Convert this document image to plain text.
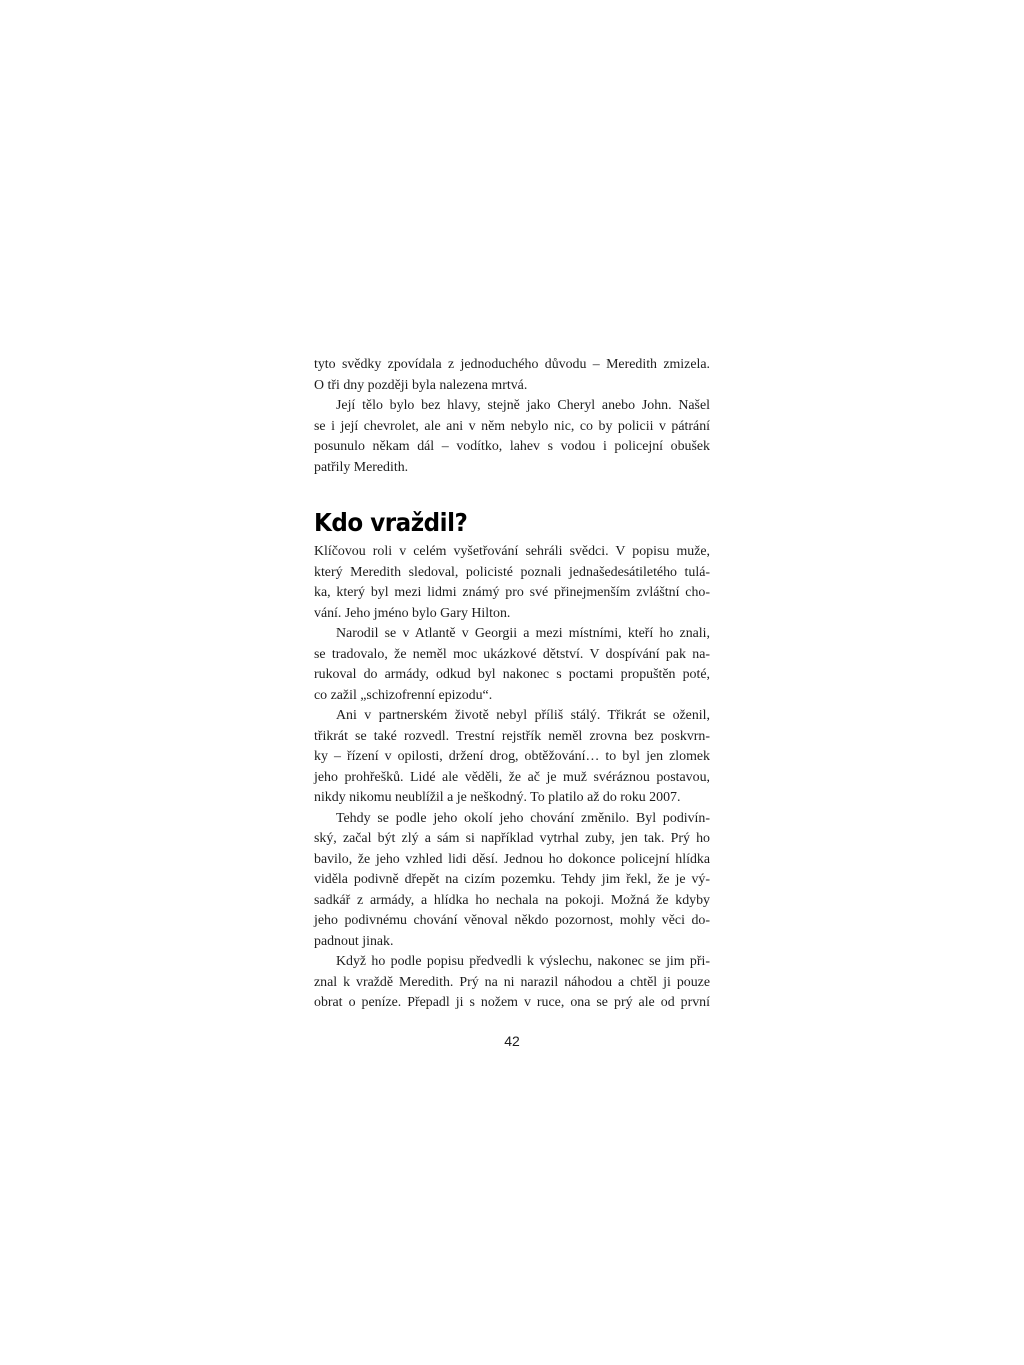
tyto svědky zpovídala z jednoduchého důvodu – Meredith zmizela.
O tři dny později byla nalezena mrtvá.

Její tělo bylo bez hlavy, stejně jako Cheryl anebo John. Našel
se i její chevrolet, ale ani v něm nebylo nic, co by policii v pátrání
posunulo někam dál – vodítko, lahev s vodou i policejní obušek
patřily Meredith.

Kdo vraždil?

Klíčovou roli v celém vyšetřování sehráli svědci. V popisu muže,
který Meredith sledoval, policisté poznali jednašedesátiletého tulá-
ka, který byl mezi lidmi známý pro své přinejmenším zvláštní cho-
vání. Jeho jméno bylo Gary Hilton.

Narodil se v Atlantě v Georgii a mezi místními, kteří ho znali,
se tradovalo, že neměl moc ukázkové dětství. V dospívání pak na-
rukoval do armády, odkud byl nakonec s poctami propuštěn poté,
co zažil „schizofrenní epizodu“.

Ani v partnerském životě nebyl příliš stálý. Třikrát se oženil,
třikrát se také rozvedl. Trestní rejstřík neměl zrovna bez poskvrn-
ky – řízení v opilosti, držení drog, obtěžování… to byl jen zlomek
jeho prohřešků. Lidé ale věděli, že ač je muž svéráznou postavou,
nikdy nikomu neublížil a je neškodný. To platilo až do roku 2007.

Tehdy se podle jeho okolí jeho chování změnilo. Byl podivín-
ský, začal být zlý a sám si například vytrhal zuby, jen tak. Prý ho
bavilo, že jeho vzhled lidi děsí. Jednou ho dokonce policejní hlídka
viděla podivně dřepět na cizím pozemku. Tehdy jim řekl, že je vý-
sadkář z armády, a hlídka ho nechala na pokoji. Možná že kdyby
jeho podivnému chování věnoval někdo pozornost, mohly věci do-
padnout jinak.

Když ho podle popisu předvedli k výslechu, nakonec se jim při-
znal k vraždě Meredith. Prý na ni narazil náhodou a chtěl ji pouze
obrat o peníze. Přepadl ji s nožem v ruce, ona se prý ale od první

42
